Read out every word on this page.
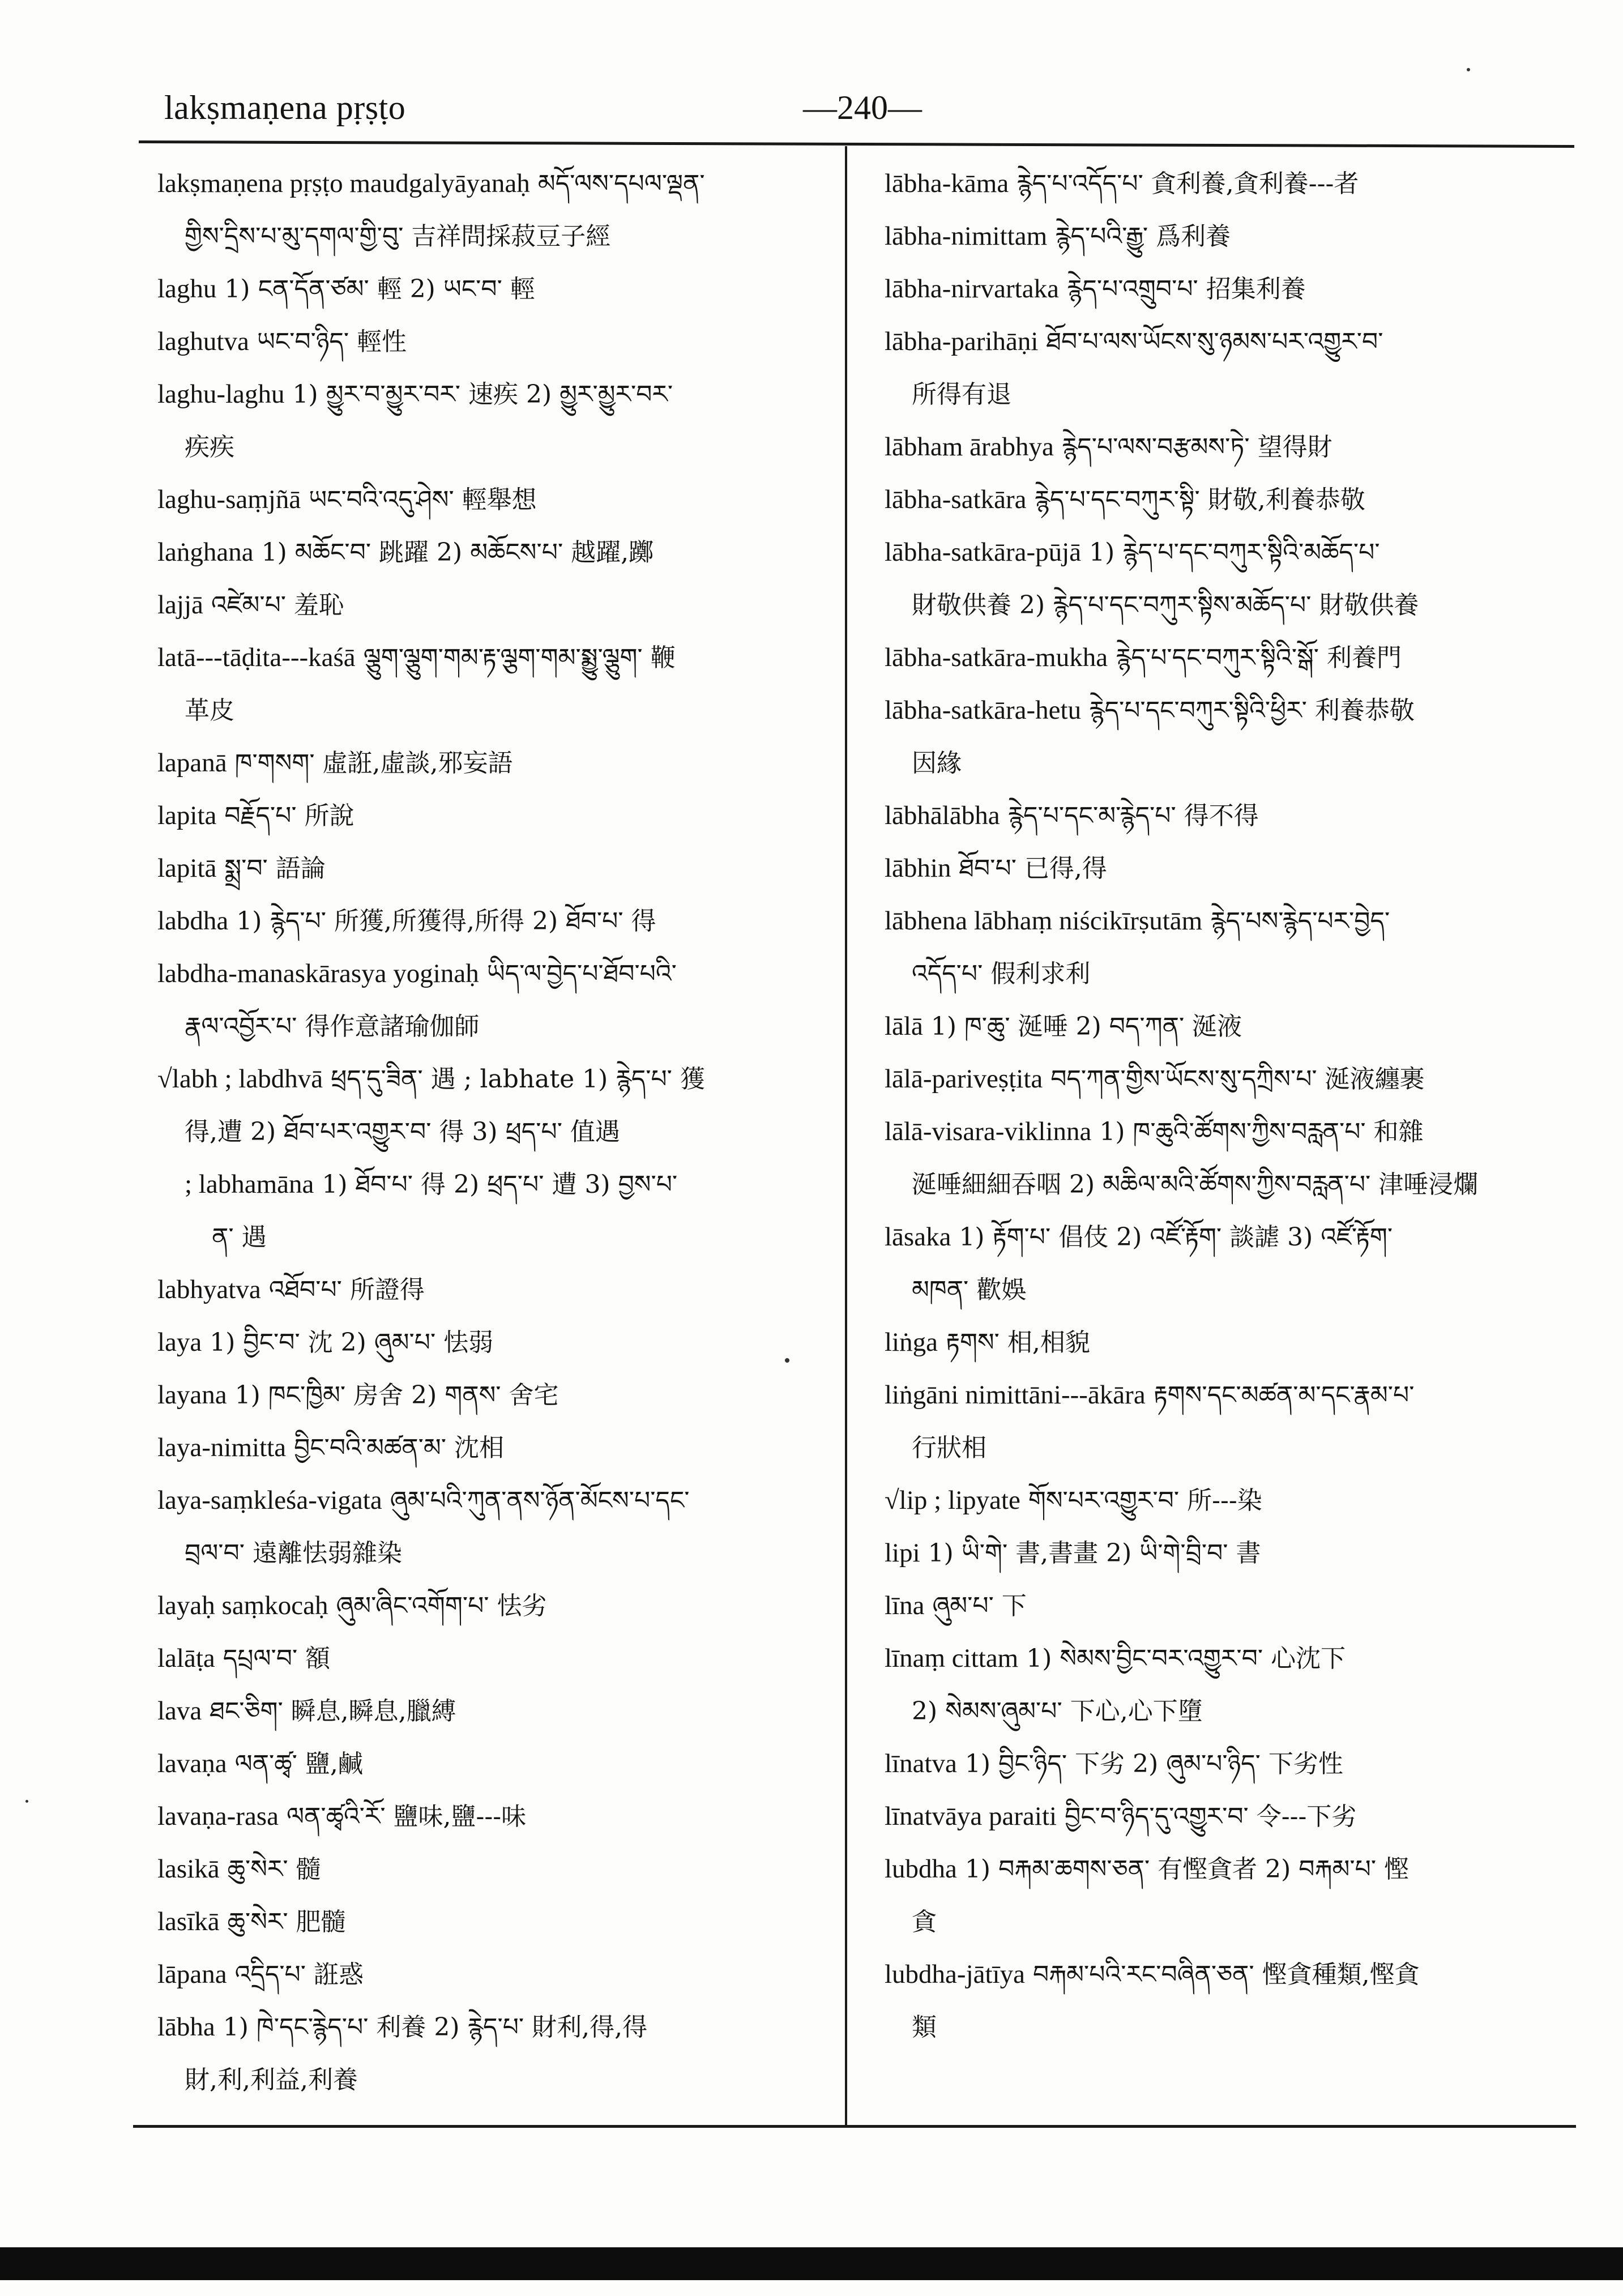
lakṣmaṇena pṛṣṭo	—240—
lakṣmaṇena pṛṣṭo maudgalyāyanaḥ མདོ་ལས་དཔལ་ལྡན་
གྱིས་དྲིས་པ་མུ་དགལ་གྱི་བུ་ 吉祥問採菽豆子經
laghu 1) ངན་དོན་ཙམ་ 輕 2) ཡང་བ་ 輕
laghutva ཡང་བ་ཉིད་ 輕性
laghu-laghu 1) མྱུར་བ་མྱུར་བར་ 速疾 2) མྱུར་མྱུར་བར་
疾疾
laghu-saṃjñā ཡང་བའི་འདུ་ཤེས་ 輕舉想
laṅghana 1) མཆོང་བ་ 跳躍 2) མཆོངས་པ་ 越躍,躑
lajjā འཛེམ་པ་ 羞恥
latā---tāḍita---kaśā ལྕུག་ལྕུག་གམ་རྟ་ལྕག་གམ་སྨྱུ་ལྕུག་ 鞭
革皮
lapanā ཁ་གསག་ 虛誑,虛談,邪妄語
lapita བརྗོད་པ་ 所說
lapitā སྨྲ་བ་ 語論
labdha 1) རྙེད་པ་ 所獲,所獲得,所得 2) ཐོབ་པ་ 得
labdha-manaskārasya yoginaḥ ཡིད་ལ་བྱེད་པ་ཐོབ་པའི་
རྣལ་འབྱོར་པ་ 得作意諸瑜伽師
√labh ; labdhvā ཕྲད་དུ་ཟིན་ 遇 ; labhate 1) རྙེད་པ་ 獲
得,遭 2) ཐོབ་པར་འགྱུར་བ་ 得 3) ཕྲད་པ་ 值遇
; labhamāna 1) ཐོབ་པ་ 得 2) ཕྲད་པ་ 遭 3) བྱས་པ་
ན་ 遇
labhyatva འཐོབ་པ་ 所證得
laya 1) བྱིང་བ་ 沈 2) ཞུམ་པ་ 怯弱
layana 1) ཁང་ཁྱིམ་ 房舍 2) གནས་ 舍宅
laya-nimitta བྱིང་བའི་མཚན་མ་ 沈相
laya-saṃkleśa-vigata ཞུམ་པའི་ཀུན་ནས་ཉོན་མོངས་པ་དང་
བྲལ་བ་ 遠離怯弱雜染
layaḥ saṃkocaḥ ཞུམ་ཞིང་འགོག་པ་ 怯劣
lalāṭa དཔྲལ་བ་ 額
lava ཐང་ཅིག་ 瞬息,瞬息,臘縛
lavaṇa ལན་ཚྭ་ 鹽,鹹
lavaṇa-rasa ལན་ཚྭའི་རོ་ 鹽味,鹽---味
lasikā ཆུ་སེར་ 髓
lasīkā ཆུ་སེར་ 肥髓
lāpana འདྲིད་པ་ 誑惑
lābha 1) ཁེ་དང་རྙེད་པ་ 利養 2) རྙེད་པ་ 財利,得,得
財,利,利益,利養
lābha-kāma རྙེད་པ་འདོད་པ་ 貪利養,貪利養---者
lābha-nimittam རྙེད་པའི་རྒྱུ་ 爲利養
lābha-nirvartaka རྙེད་པ་འགྲུབ་པ་ 招集利養
lābha-parihāṇi ཐོབ་པ་ལས་ཡོངས་སུ་ཉམས་པར་འགྱུར་བ་
所得有退
lābham ārabhya རྙེད་པ་ལས་བརྩམས་ཏེ་ 望得財
lābha-satkāra རྙེད་པ་དང་བཀུར་སྟི་ 財敬,利養恭敬
lābha-satkāra-pūjā 1) རྙེད་པ་དང་བཀུར་སྟིའི་མཆོད་པ་
財敬供養 2) རྙེད་པ་དང་བཀུར་སྟིས་མཆོད་པ་ 財敬供養
lābha-satkāra-mukha རྙེད་པ་དང་བཀུར་སྟིའི་སྒོ་ 利養門
lābha-satkāra-hetu རྙེད་པ་དང་བཀུར་སྟིའི་ཕྱིར་ 利養恭敬
因緣
lābhālābha རྙེད་པ་དང་མ་རྙེད་པ་ 得不得
lābhin ཐོབ་པ་ 已得,得
lābhena lābhaṃ niścikīrṣutām རྙེད་པས་རྙེད་པར་བྱེད་
འདོད་པ་ 假利求利
lālā 1) ཁ་ཆུ་ 涎唾 2) བད་ཀན་ 涎液
lālā-pariveṣṭita བད་ཀན་གྱིས་ཡོངས་སུ་དཀྲིས་པ་ 涎液纏裹
lālā-visara-viklinna 1) ཁ་ཆུའི་ཚོགས་ཀྱིས་བརླན་པ་ 和雜
涎唾細細吞咽 2) མཆིལ་མའི་ཚོགས་ཀྱིས་བརླན་པ་ 津唾浸爛
lāsaka 1) རྟོག་པ་ 倡伎 2) འཛོ་རྟོག་ 談謔 3) འཛོ་རྟོག་
མཁན་ 歡娛
liṅga རྟགས་ 相,相貌
liṅgāni nimittāni---ākāra རྟགས་དང་མཚན་མ་དང་རྣམ་པ་
行狀相
√lip ; lipyate གོས་པར་འགྱུར་བ་ 所---染
lipi 1) ཡི་གེ་ 書,書畫 2) ཡི་གེ་བྲི་བ་ 書
līna ཞུམ་པ་ 下
līnaṃ cittam 1) སེམས་བྱིང་བར་འགྱུར་བ་ 心沈下
2) སེམས་ཞུམ་པ་ 下心,心下墮
līnatva 1) བྱིང་ཉིད་ 下劣 2) ཞུམ་པ་ཉིད་ 下劣性
līnatvāya paraiti བྱིང་བ་ཉིད་དུ་འགྱུར་བ་ 令---下劣
lubdha 1) བརྐམ་ཆགས་ཅན་ 有慳貪者 2) བརྐམ་པ་ 慳
貪
lubdha-jātīya བརྐམ་པའི་རང་བཞིན་ཅན་ 慳貪種類,慳貪
類
